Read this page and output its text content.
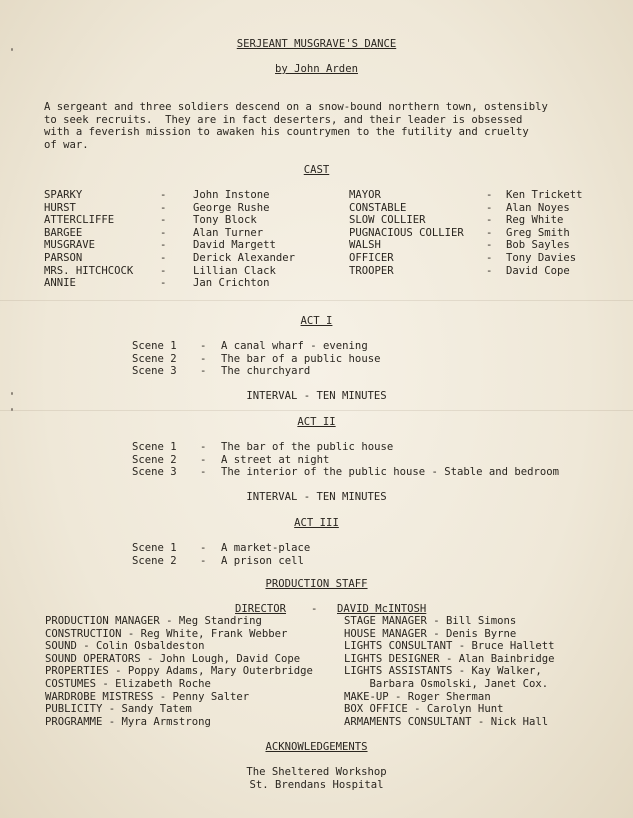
SERJEANT MUSGRAVE'S DANCE
by John Arden
A sergeant and three soldiers descend on a snow-bound northern town, ostensibly
to seek recruits.  They are in fact deserters, and their leader is obsessed
with a feverish mission to awaken his countrymen to the futility and cruelty
of war.
CAST
SPARKY	-	John Instone
HURST	-	George Rushe
ATTERCLIFFE	-	Tony Block
BARGEE	-	Alan Turner
MUSGRAVE	-	David Margett
PARSON	-	Derick Alexander
MRS. HITCHCOCK	-	Lillian Clack
ANNIE	-	Jan Crichton
MAYOR	- Ken Trickett
CONSTABLE	- Alan Noyes
SLOW COLLIER	- Reg White
PUGNACIOUS COLLIER - Greg Smith
WALSH	- Bob Sayles
OFFICER	- Tony Davies
TROOPER	- David Cope
ACT I
Scene 1 - A canal wharf - evening
Scene 2 - The bar of a public house
Scene 3 - The churchyard
INTERVAL - TEN MINUTES
ACT II
Scene 1 - The bar of the public house
Scene 2 - A street at night
Scene 3 - The interior of the public house - Stable and bedroom
INTERVAL - TEN MINUTES
ACT III
Scene 1 - A market-place
Scene 2 - A prison cell
PRODUCTION STAFF
DIRECTOR - DAVID McINTOSH
PRODUCTION MANAGER - Meg Standring
CONSTRUCTION - Reg White, Frank Webber
SOUND - Colin Osbaldeston
SOUND OPERATORS - John Lough, David Cope
PROPERTIES - Poppy Adams, Mary Outerbridge
COSTUMES - Elizabeth Roche
WARDROBE MISTRESS - Penny Salter
PUBLICITY - Sandy Tatem
PROGRAMME - Myra Armstrong
STAGE MANAGER - Bill Simons
HOUSE MANAGER - Denis Byrne
LIGHTS CONSULTANT - Bruce Hallett
LIGHTS DESIGNER - Alan Bainbridge
LIGHTS ASSISTANTS - Kay Walker,
Barbara Osmolski, Janet Cox.
MAKE-UP - Roger Sherman
BOX OFFICE - Carolyn Hunt
ARMAMENTS CONSULTANT - Nick Hall
ACKNOWLEDGEMENTS
The Sheltered Workshop
St. Brendans Hospital
